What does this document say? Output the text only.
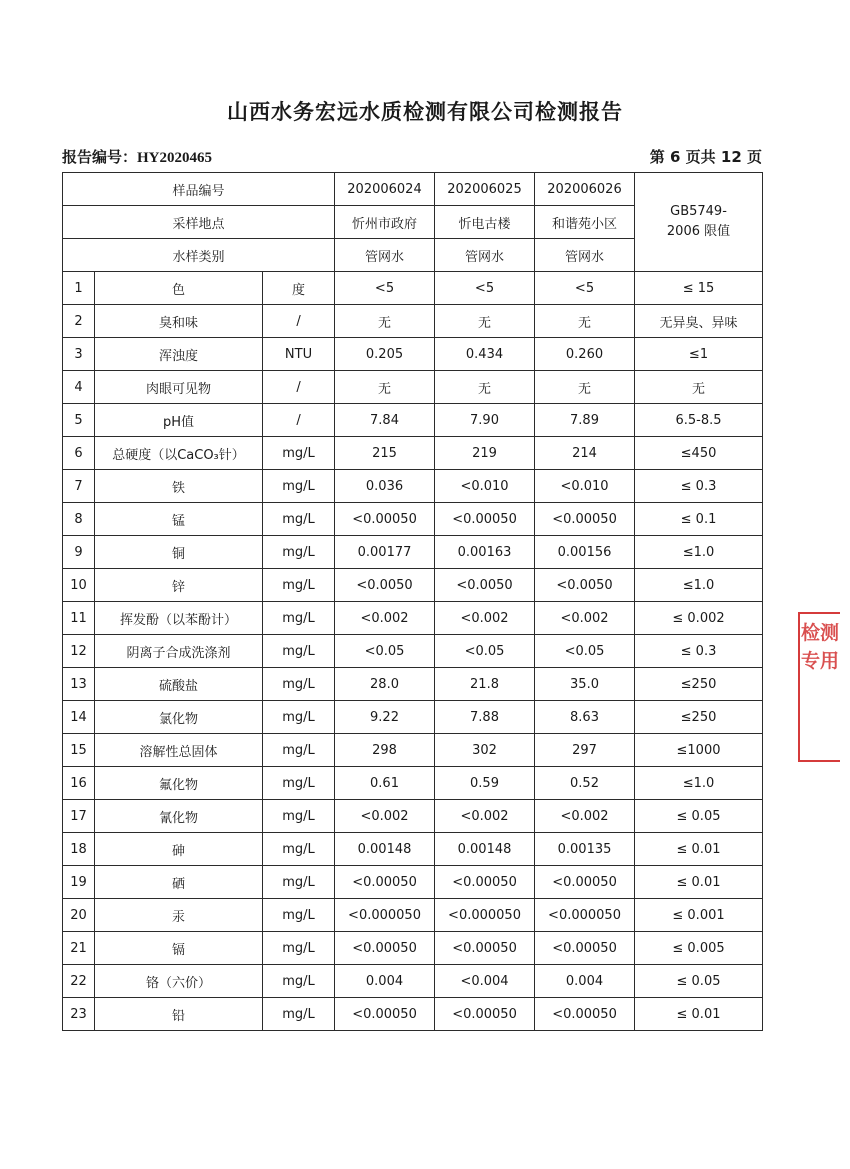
山西水务宏远水质检测有限公司检测报告
报告编号：HY2020465	第 6 页共 12 页
样品编号			202006024	202006025	202006026	GB5749-
2006 限值

采样地点			忻州市政府	忻电古楼	和谐苑小区	
水样类别			管网水	管网水	管网水	
1	色	度	<5	<5	<5	≤ 15
2	臭和味	/	无	无	无	无异臭、异味
3	浑浊度	NTU	0.205	0.434	0.260	≤1
4	肉眼可见物	/	无	无	无	无
5	pH值	/	7.84	7.90	7.89	6.5-8.5
6	总硬度（以CaCO₃针）	mg/L	215	219	214	≤450
7	铁	mg/L	0.036	<0.010	<0.010	≤ 0.3
8	锰	mg/L	<0.00050	<0.00050	<0.00050	≤ 0.1
9	铜	mg/L	0.00177	0.00163	0.00156	≤1.0
10	锌	mg/L	<0.0050	<0.0050	<0.0050	≤1.0
11	挥发酚（以苯酚计）	mg/L	<0.002	<0.002	<0.002	≤ 0.002
12	阴离子合成洗涤剂	mg/L	<0.05	<0.05	<0.05	≤ 0.3
13	硫酸盐	mg/L	28.0	21.8	35.0	≤250
14	氯化物	mg/L	9.22	7.88	8.63	≤250
15	溶解性总固体	mg/L	298	302	297	≤1000
16	氟化物	mg/L	0.61	0.59	0.52	≤1.0
17	氰化物	mg/L	<0.002	<0.002	<0.002	≤ 0.05
18	砷	mg/L	0.00148	0.00148	0.00135	≤ 0.01
19	硒	mg/L	<0.00050	<0.00050	<0.00050	≤ 0.01
20	汞	mg/L	<0.000050	<0.000050	<0.000050	≤ 0.001
21	镉	mg/L	<0.00050	<0.00050	<0.00050	≤ 0.005
22	铬（六价）	mg/L	0.004	<0.004	0.004	≤ 0.05
23	铅	mg/L	<0.00050	<0.00050	<0.00050	≤ 0.01
检测专用
